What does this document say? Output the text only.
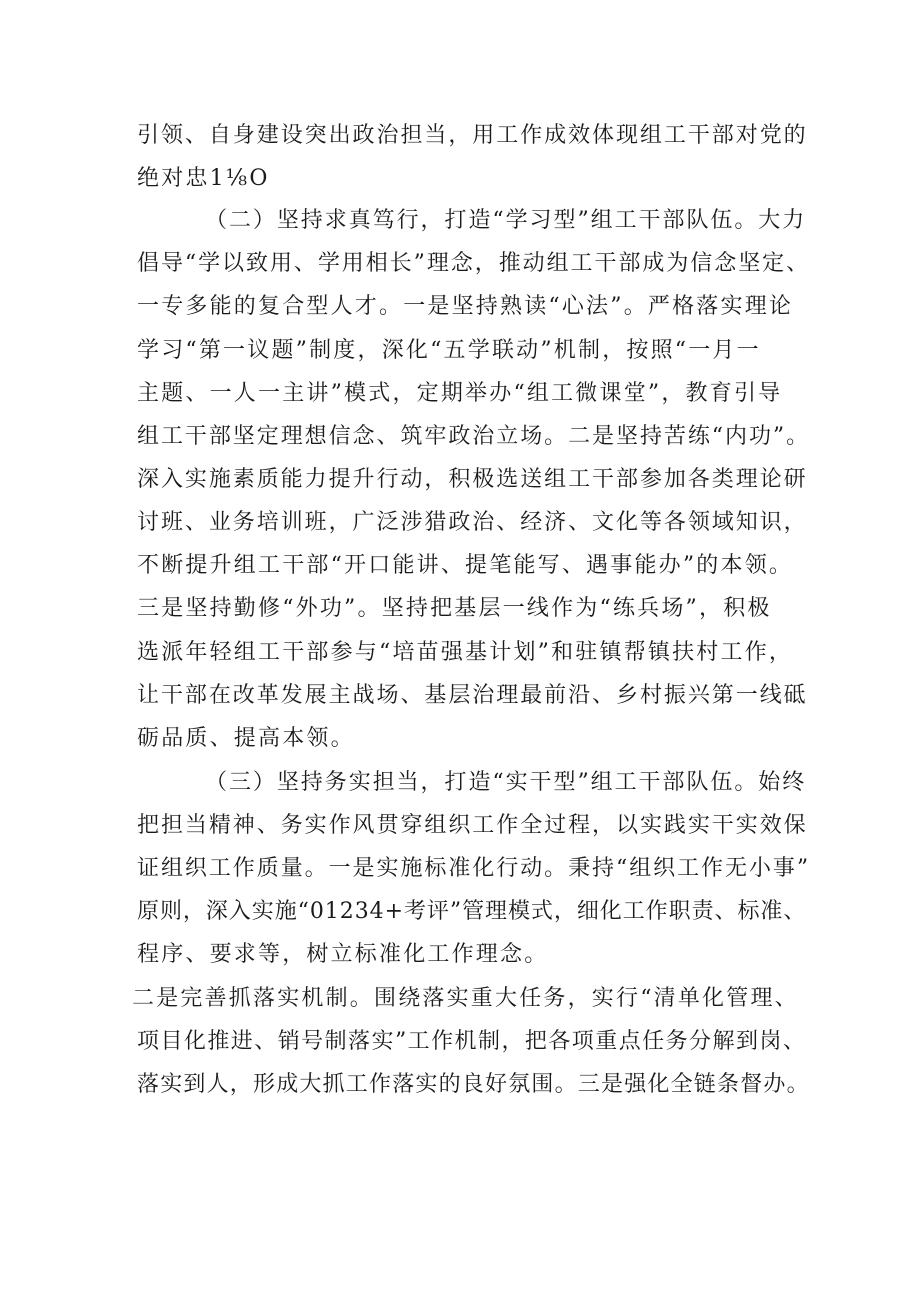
引领、自身建设突出政治担当，用工作成效体现组工干部对党的
绝对忠1⅛O
（二）坚持求真笃行，打造“学习型”组工干部队伍。大力
倡导“学以致用、学用相长”理念，推动组工干部成为信念坚定、
一专多能的复合型人才。一是坚持熟读“心法”。严格落实理论
学习“第一议题”制度，深化“五学联动”机制，按照“一月一
主题、一人一主讲”模式，定期举办“组工微课堂”，教育引导
组工干部坚定理想信念、筑牢政治立场。二是坚持苦练“内功”。
深入实施素质能力提升行动，积极选送组工干部参加各类理论研
讨班、业务培训班，广泛涉猎政治、经济、文化等各领域知识，
不断提升组工干部“开口能讲、提笔能写、遇事能办”的本领。
三是坚持勤修“外功”。坚持把基层一线作为“练兵场”，积极
选派年轻组工干部参与“培苗强基计划”和驻镇帮镇扶村工作，
让干部在改革发展主战场、基层治理最前沿、乡村振兴第一线砥
砺品质、提高本领。
（三）坚持务实担当，打造“实干型”组工干部队伍。始终
把担当精神、务实作风贯穿组织工作全过程，以实践实干实效保
证组织工作质量。一是实施标准化行动。秉持“组织工作无小事”
原则，深入实施“01234+考评”管理模式，细化工作职责、标准、
程序、要求等，树立标准化工作理念。
二是完善抓落实机制。围绕落实重大任务，实行“清单化管理、
项目化推进、销号制落实”工作机制，把各项重点任务分解到岗、
落实到人，形成大抓工作落实的良好氛围。三是强化全链条督办。
